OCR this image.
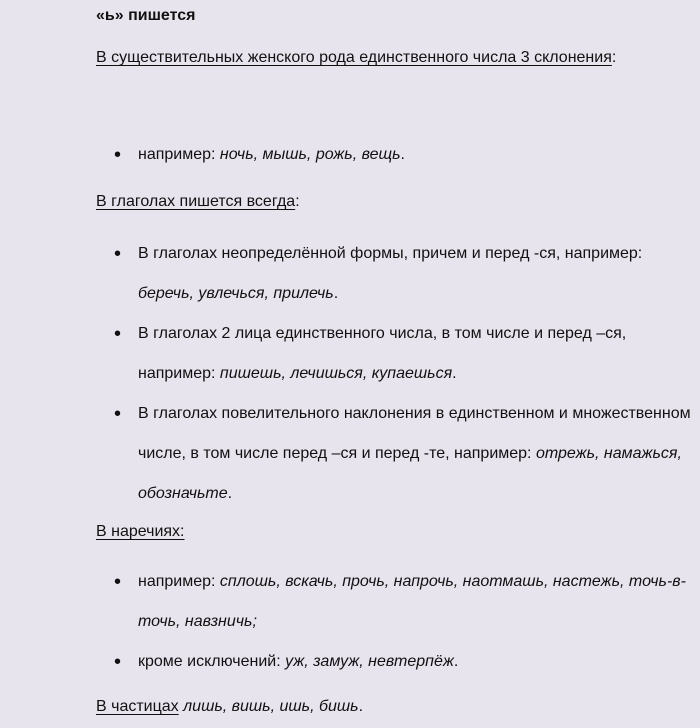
«ь» пишется

В существительных женского рода единственного числа 3 склонения:

• например: ночь, мышь, рожь, вещь.

В глаголах пишется всегда:

• В глаголах неопределённой формы, причем и перед -ся, например: беречь, увлечься, прилечь.
• В глаголах 2 лица единственного числа, в том числе и перед –ся, например: пишешь, лечишься, купаешься.
• В глаголах повелительного наклонения в единственном и множественном числе, в том числе перед –ся и перед -те, например: отрежь, намажься, обозначьте.

В наречиях:

• например: сплошь, вскачь, прочь, напрочь, наотмашь, настежь, точь-в-точь, навзничь;
• кроме исключений: уж, замуж, невтерпёж.

В частицах лишь, вишь, ишь, бишь.
